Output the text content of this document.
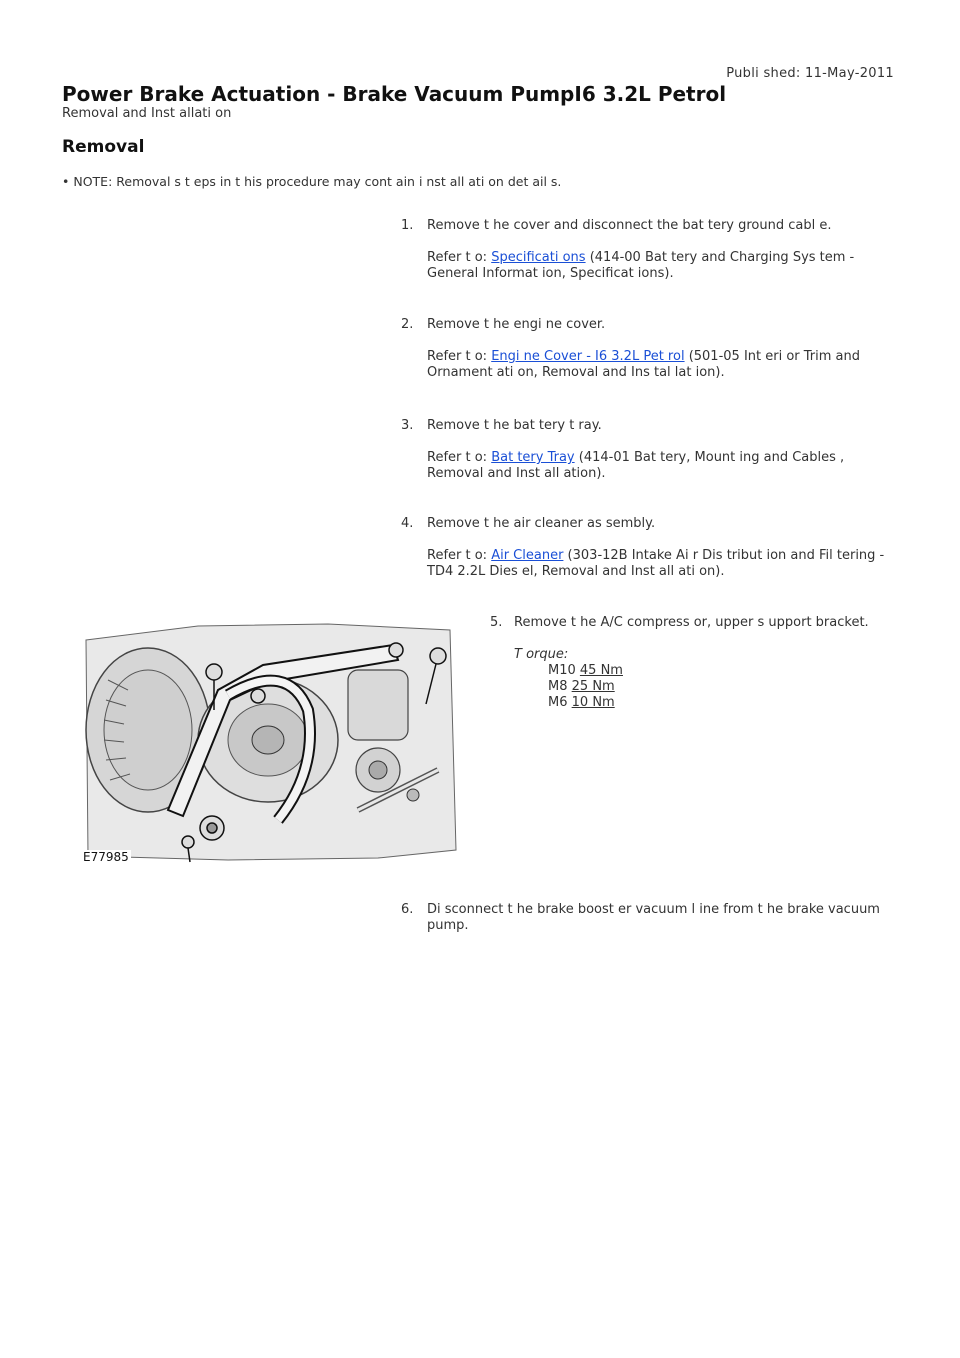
Publi shed: 11-May-2011
Power Brake Actuation - Brake Vacuum PumpI6 3.2L Petrol
Removal and Inst allati on
Removal
• NOTE: Removal s t eps in t his procedure may cont ain i nst all ati on det ail s.
1.	Remove t he cover and disconnect the bat tery ground cabl e.
Refer t o: Specificati ons (414-00 Bat tery and Charging Sys tem - General Informat ion, Specificat ions).
2.	Remove t he engi ne cover.
Refer t o: Engi ne Cover - I6 3.2L Pet rol (501-05 Int eri or Trim and Ornament ati on, Removal and Ins tal lat ion).
3.	Remove t he bat tery t ray.
Refer t o: Bat tery Tray (414-01 Bat tery, Mount ing and Cables , Removal and Inst all ation).
4.	Remove t he air cleaner as sembly.
Refer t o: Air Cleaner (303-12B Intake Ai r Dis tribut ion and Fil tering - TD4 2.2L Dies el, Removal and Inst all ati on).
E77985
5. Remove t he A/C compress or, upper s upport bracket.
T orque:
M10 45 Nm
M8 25 Nm
M6 10 Nm
6.	Di sconnect t he brake boost er vacuum l ine from t he brake vacuum pump.
